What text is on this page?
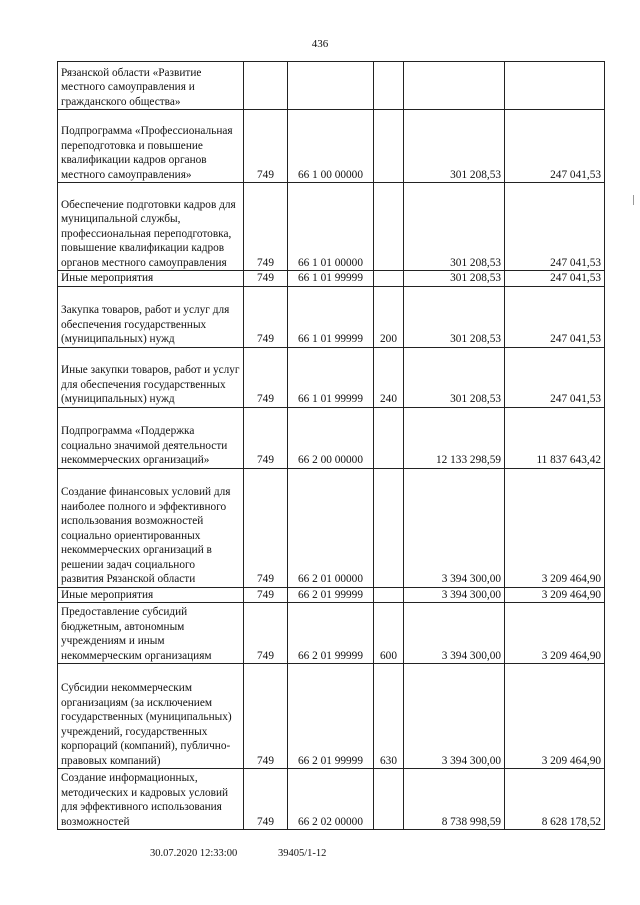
436
Рязанской области «Развитие местного самоуправления и гражданского общества»					

Подпрограмма «Профессиональная переподготовка и повышение квалификации кадров органов местного самоуправления»	749	66 1 00 00000		301 208,53	247 041,53

Обеспечение подготовки кадров для муниципальной службы, профессиональная переподготовка, повышение квалификации кадров органов местного самоуправления	749	66 1 01 00000		301 208,53	247 041,53

Иные мероприятия	749	66 1 01 99999		301 208,53	247 041,53

Закупка товаров, работ и услуг для обеспечения государственных (муниципальных) нужд	749	66 1 01 99999	200	301 208,53	247 041,53

Иные закупки товаров, работ и услуг для обеспечения государственных (муниципальных) нужд	749	66 1 01 99999	240	301 208,53	247 041,53

Подпрограмма «Поддержка социально значимой деятельности некоммерческих организаций»	749	66 2 00 00000		12 133 298,59	11 837 643,42

Создание финансовых условий для наиболее полного и эффективного использования возможностей социально ориентированных некоммерческих организаций в решении задач социального развития Рязанской области	749	66 2 01 00000		3 394 300,00	3 209 464,90

Иные мероприятия	749	66 2 01 99999		3 394 300,00	3 209 464,90

Предоставление субсидий бюджетным, автономным учреждениям и иным некоммерческим организациям	749	66 2 01 99999	600	3 394 300,00	3 209 464,90

Субсидии некоммерческим организациям (за исключением государственных (муниципальных) учреждений, государственных корпораций (компаний), публично-правовых компаний)	749	66 2 01 99999	630	3 394 300,00	3 209 464,90

Создание информационных, методических и кадровых условий для эффективного использования возможностей	749	66 2 02 00000		8 738 998,59	8 628 178,52
30.07.2020 12:33:00	39405/1-12
